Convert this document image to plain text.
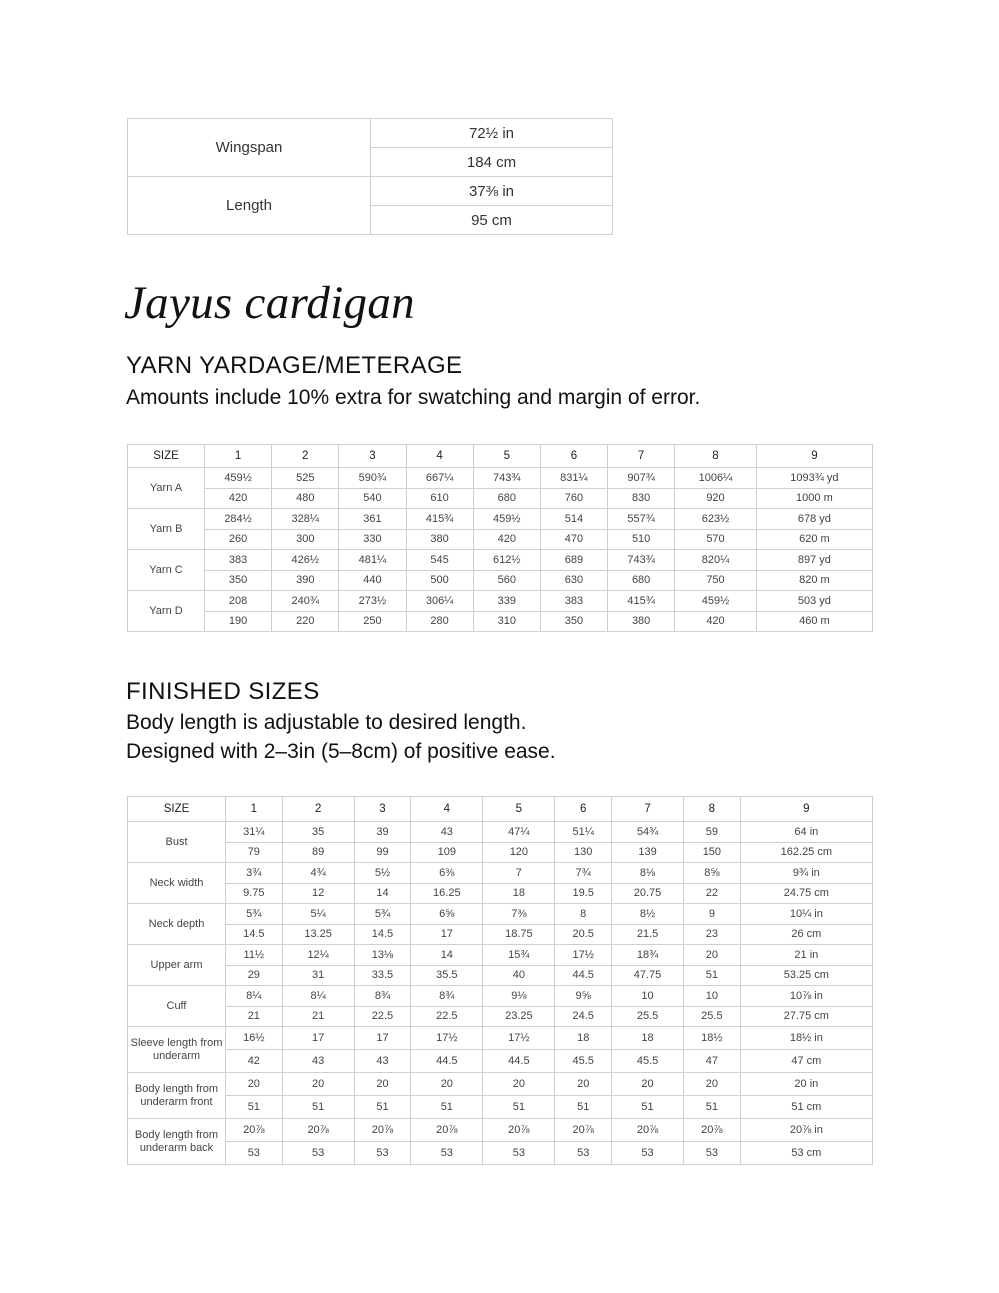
Wingspan	72½ in
	184 cm
Length	37⅜ in
	95 cm
Jayus cardigan
YARN YARDAGE/METERAGE

Amounts include 10% extra for swatching and margin of error.

SIZE	1	2	3	4	5	6	7	8	9
Yarn A	459½	525	590¾	667¼	743¾	831¼	907¾	1006¼	1093¾ yd
	420	480	540	610	680	760	830	920	1000 m
Yarn B	284½	328¼	361	415¾	459½	514	557¾	623½	678 yd
	260	300	330	380	420	470	510	570	620 m
Yarn C	383	426½	481¼	545	612½	689	743¾	820¼	897 yd
	350	390	440	500	560	630	680	750	820 m
Yarn D	208	240¾	273½	306¼	339	383	415¾	459½	503 yd
	190	220	250	280	310	350	380	420	460 m
FINISHED SIZES

Body length is adjustable to desired length.

Designed with 2–3in (5–8cm) of positive ease.

SIZE	1	2	3	4	5	6	7	8	9
Bust	31¼	35	39	43	47¼	51¼	54¾	59	64 in
	79	89	99	109	120	130	139	150	162.25 cm
Neck width	3¾	4¾	5½	6⅜	7	7¾	8⅛	8⅝	9¾ in
	9.75	12	14	16.25	18	19.5	20.75	22	24.75 cm
Neck depth	5¾	5¼	5¾	6⅝	7⅜	8	8½	9	10¼ in
	14.5	13.25	14.5	17	18.75	20.5	21.5	23	26 cm
Upper arm	11½	12¼	13⅛	14	15¾	17½	18¾	20	21 in
	29	31	33.5	35.5	40	44.5	47.75	51	53.25 cm
Cuff	8¼	8¼	8¾	8¾	9⅛	9⅝	10	10	10⅞ in
	21	21	22.5	22.5	23.25	24.5	25.5	25.5	27.75 cm
Sleeve length from underarm	16½	17	17	17½	17½	18	18	18½	18½ in
	42	43	43	44.5	44.5	45.5	45.5	47	47 cm
Body length from underarm front	20	20	20	20	20	20	20	20	20 in
	51	51	51	51	51	51	51	51	51 cm
Body length from underarm back	20⅞	20⅞	20⅞	20⅞	20⅞	20⅞	20⅞	20⅞	20⅞ in
	53	53	53	53	53	53	53	53	53 cm
